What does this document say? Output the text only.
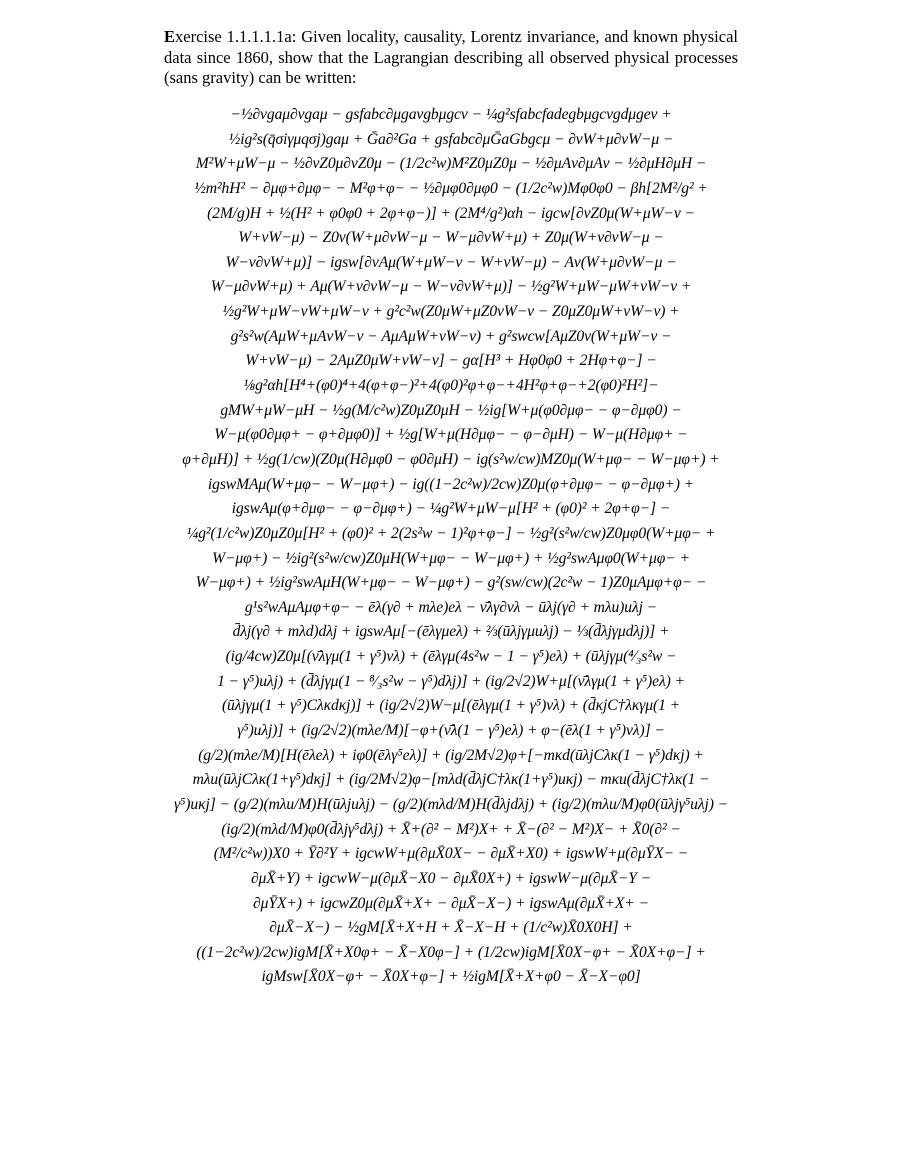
Exercise 1.1.1.1.1a: Given locality, causality, Lorentz invariance, and known physical data since 1860, show that the Lagrangian describing all observed physical processes (sans gravity) can be written:
−½∂νgaμ∂νgaμ − gsfabc∂μgaνgbμgcν − ¼g²sfabcfadegbμgcνgdμgeν +
½ig²s(q̄σiγμqσj)gaμ + Ḡa∂²Ga + gsfabc∂μḠaGbgcμ − ∂νW+μ∂νW−μ −
M²W+μW−μ − ½∂νZ0μ∂νZ0μ − (1/2c²w)M²Z0μZ0μ − ½∂μAν∂μAν − ½∂μH∂μH −
½m²hH² − ∂μφ+∂μφ− − M²φ+φ− − ½∂μφ0∂μφ0 − (1/2c²w)Mφ0φ0 − βh[2M²/g² +
(2M/g)H + ½(H² + φ0φ0 + 2φ+φ−)] + (2M⁴/g²)αh − igcw[∂νZ0μ(W+μW−ν −
W+νW−μ) − Z0ν(W+μ∂νW−μ − W−μ∂νW+μ) + Z0μ(W+ν∂νW−μ −
W−ν∂νW+μ)] − igsw[∂νAμ(W+μW−ν − W+νW−μ) − Aν(W+μ∂νW−μ −
W−μ∂νW+μ) + Aμ(W+ν∂νW−μ − W−ν∂νW+μ)] − ½g²W+μW−μW+νW−ν +
½g²W+μW−νW+μW−ν + g²c²w(Z0μW+μZ0νW−ν − Z0μZ0μW+νW−ν) +
g²s²w(AμW+μAνW−ν − AμAμW+νW−ν) + g²swcw[AμZ0ν(W+μW−ν −
W+νW−μ) − 2AμZ0μW+νW−ν] − gα[H³ + Hφ0φ0 + 2Hφ+φ−] −
⅛g²αh[H⁴+(φ0)⁴+4(φ+φ−)²+4(φ0)²φ+φ−+4H²φ+φ−+2(φ0)²H²]−
gMW+μW−μH − ½g(M/c²w)Z0μZ0μH − ½ig[W+μ(φ0∂μφ− − φ−∂μφ0) −
W−μ(φ0∂μφ+ − φ+∂μφ0)] + ½g[W+μ(H∂μφ− − φ−∂μH) − W−μ(H∂μφ+ −
φ+∂μH)] + ½g(1/cw)(Z0μ(H∂μφ0 − φ0∂μH) − ig(s²w/cw)MZ0μ(W+μφ− − W−μφ+) +
igswMAμ(W+μφ− − W−μφ+) − ig((1−2c²w)/2cw)Z0μ(φ+∂μφ− − φ−∂μφ+) +
igswAμ(φ+∂μφ− − φ−∂μφ+) − ¼g²W+μW−μ[H² + (φ0)² + 2φ+φ−] −
¼g²(1/c²w)Z0μZ0μ[H² + (φ0)² + 2(2s²w − 1)²φ+φ−] − ½g²(s²w/cw)Z0μφ0(W+μφ− +
W−μφ+) − ½ig²(s²w/cw)Z0μH(W+μφ− − W−μφ+) + ½g²swAμφ0(W+μφ− +
W−μφ+) + ½ig²swAμH(W+μφ− − W−μφ+) − g²(sw/cw)(2c²w − 1)Z0μAμφ+φ− −
g¹s²wAμAμφ+φ− − ēλ(γ∂ + mλe)eλ − ν̄λγ∂νλ − ūλj(γ∂ + mλu)uλj −
d̄λj(γ∂ + mλd)dλj + igswAμ[−(ēλγμeλ) + ⅔(ūλjγμuλj) − ⅓(d̄λjγμdλj)] +
(ig/4cw)Z0μ[(ν̄λγμ(1 + γ⁵)νλ) + (ēλγμ(4s²w − 1 − γ⁵)eλ) + (ūλjγμ(⁴⁄₃s²w −
1 − γ⁵)uλj) + (d̄λjγμ(1 − ⁸⁄₃s²w − γ⁵)dλj)] + (ig/2√2)W+μ[(ν̄λγμ(1 + γ⁵)eλ) +
(ūλjγμ(1 + γ⁵)Cλκdκj)] + (ig/2√2)W−μ[(ēλγμ(1 + γ⁵)νλ) + (d̄κjC†λκγμ(1 +
γ⁵)uλj)] + (ig/2√2)(mλe/M)[−φ+(ν̄λ(1 − γ⁵)eλ) + φ−(ēλ(1 + γ⁵)νλ)] −
(g/2)(mλe/M)[H(ēλeλ) + iφ0(ēλγ⁵eλ)] + (ig/2M√2)φ+[−mκd(ūλjCλκ(1 − γ⁵)dκj) +
mλu(ūλjCλκ(1+γ⁵)dκj] + (ig/2M√2)φ−[mλd(d̄λjC†λκ(1+γ⁵)uκj) − mκu(d̄λjC†λκ(1 −
γ⁵)uκj] − (g/2)(mλu/M)H(ūλjuλj) − (g/2)(mλd/M)H(d̄λjdλj) + (ig/2)(mλu/M)φ0(ūλjγ⁵uλj) −
(ig/2)(mλd/M)φ0(d̄λjγ⁵dλj) + X̄+(∂² − M²)X+ + X̄−(∂² − M²)X− + X̄0(∂² −
(M²/c²w))X0 + Ȳ∂²Y + igcwW+μ(∂μX̄0X− − ∂μX̄+X0) + igswW+μ(∂μȲX− −
∂μX̄+Y) + igcwW−μ(∂μX̄−X0 − ∂μX̄0X+) + igswW−μ(∂μX̄−Y −
∂μȲX+) + igcwZ0μ(∂μX̄+X+ − ∂μX̄−X−) + igswAμ(∂μX̄+X+ −
∂μX̄−X−) − ½gM[X̄+X+H + X̄−X−H + (1/c²w)X̄0X0H] +
((1−2c²w)/2cw)igM[X̄+X0φ+ − X̄−X0φ−] + (1/2cw)igM[X̄0X−φ+ − X̄0X+φ−] +
igMsw[X̄0X−φ+ − X̄0X+φ−] + ½igM[X̄+X+φ0 − X̄−X−φ0]
